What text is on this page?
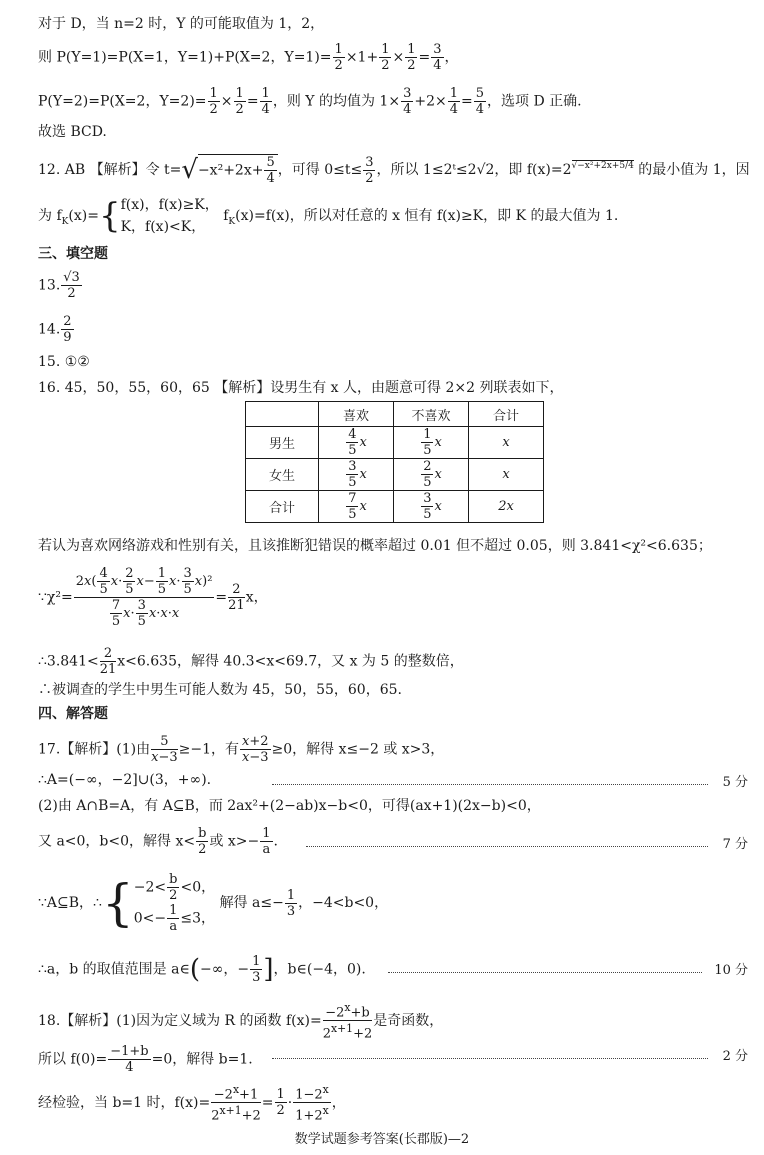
对于 D，当 n=2 时，Y 的可能取值为 1，2，
则 P(Y=1)=P(X=1，Y=1)+P(X=2，$Y=1)= \frac{1}{2} \times 1+ \frac{1}{2} \times \frac{1}{2} = \frac{3}{4}$ ，
P(Y=2)=P(X=2，$Y=2)= \frac{1}{2} \times \frac{1}{2} = \frac{1}{4}$ ，则 Y 的均值为 $1\times \frac{3}{4} +2\times \frac{1}{4} = \frac{5}{4}$ ，选项 D 正确.
故选 BCD.
12. AB 【解析】令 $t=√-x^2+2x+ \frac{5}{4}$ ，可得 $0\le t\le \frac{3}{2}$ ，所以 1≤2ᵗ≤2√2，即 $f(x)=2^{√-x^2+2x+5/4}$ 的最小值为 1，因
为 $f_K(x)=${ f(x)，f(x)≥K，
K，f(x)<K，
$f_K(x)=f(x)$，所以对任意的 x 恒有 f(x)≥K，即 K 的最大值为 1.
三、填空题
13. $\frac{√3}{2}$
14. $\frac{2}{9}$
15. ①②
16. 45，50，55，60，65 【解析】设男生有 x 人，由题意可得 2×2 列联表如下，
	喜欢	不喜欢	合计
男生	$\frac{4}{5}$ x	$\frac{1}{5}$ x	x
女生	$\frac{3}{5}$ x	$\frac{2}{5}$ x	x
合计	$\frac{7}{5}$ x	$\frac{3}{5}$ x	2x
若认为喜欢网络游戏和性别有关，且该推断犯错误的概率超过 0.01 但不超过 0.05，则 3.841<χ²<6.635；
∵χ²= $\frac{2x( \frac{4}{5} x\cdot \frac{2}{5} x- \frac{1}{5} x\cdot \frac{3}{5} x)^2}{\frac{7}{5} x\cdot \frac{3}{5} x\cdot x\cdot x} = \frac{2}{21}$ x，
∴3.841< $\frac{2}{21} x<6.635$，解得 40.3<x<69.7，又 x 为 5 的整数倍，
∴被调查的学生中男生可能人数为 45，50，55，60，65.
四、解答题
17.【解析】(1)由 $\frac{5}{x-3} \ge-1$，有 $\frac{x+2}{x-3} \ge 0$，解得 x≤−2 或 x>3，
∴A=(−∞，−2]∪(3，+∞).	5 分
(2)由 A∩B=A，有 A⊆B，而 2ax²+(2−ab)x−b<0，可得(ax+1)(2x−b)<0，
又 a<0，b<0，解得 $x< \frac{b}{2}$ 或 $x>- \frac{1}{a}$ .	7 分
∵A⊆B，∴{ $-2< \frac{b}{2} <0$，
$0<- \frac{1}{a} \le 3$，
解得 $a\le- \frac{1}{3}$ ，−4<b<0，
∴a，b 的取值范围是 a∈(−∞，− $\frac{1}{3}$ ]，b∈(−4，0).	10 分
18.【解析】(1)因为定义域为 R 的函数 $f(x)= \frac{-2^x+b}{2^{x+1}+2}$ 是奇函数，
所以 $f(0)= \frac{-1+b}{4} =0$，解得 b=1.	2 分
经检验，当 b=1 时，$f(x)= \frac{-2^x+1}{2^{x+1}+2} = \frac{1}{2} \cdot \frac{1-2^x}{1+2^x}$ ，
数学试题参考答案(长郡版)—2
